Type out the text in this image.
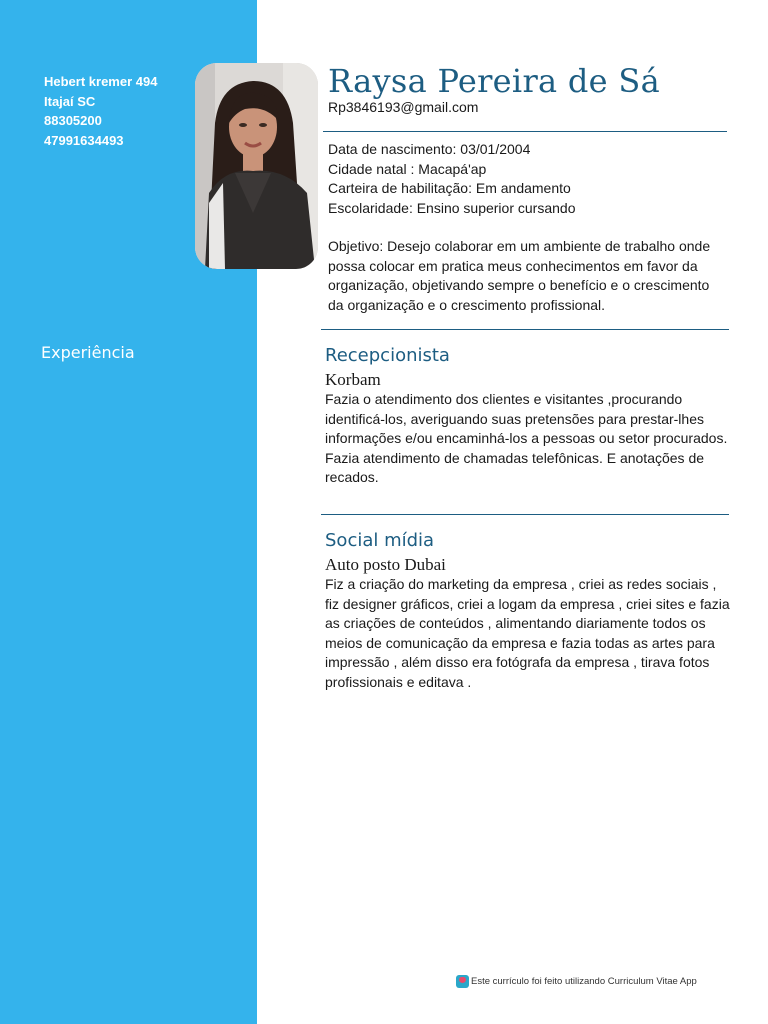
Hebert kremer 494
Itajaí SC
88305200
47991634493
Experiência
Raysa Pereira de Sá
Rp3846193@gmail.com
Data de nascimento: 03/01/2004
Cidade natal : Macapá'ap
Carteira de habilitação: Em andamento
Escolaridade: Ensino superior cursando
Objetivo: Desejo colaborar em um ambiente de trabalho onde possa colocar em pratica meus conhecimentos em favor da organização, objetivando sempre o benefício e o crescimento da organização e o crescimento profissional.
Recepcionista
Korbam
Fazia o atendimento dos clientes e visitantes ,procurando identificá-los, averiguando suas pretensões para prestar-lhes informações e/ou encaminhá-los a pessoas ou setor procurados. Fazia atendimento de chamadas telefônicas. E anotações de recados.
Social mídia
Auto posto Dubai
Fiz a criação do marketing da empresa , criei as redes sociais , fiz designer gráficos, criei a logam da empresa , criei sites e fazia as criações de conteúdos , alimentando diariamente todos os meios de comunicação da empresa e fazia todas as artes para impressão , além disso era fotógrafa da empresa , tirava fotos profissionais e editava .
Este currículo foi feito utilizando Curriculum Vitae App
